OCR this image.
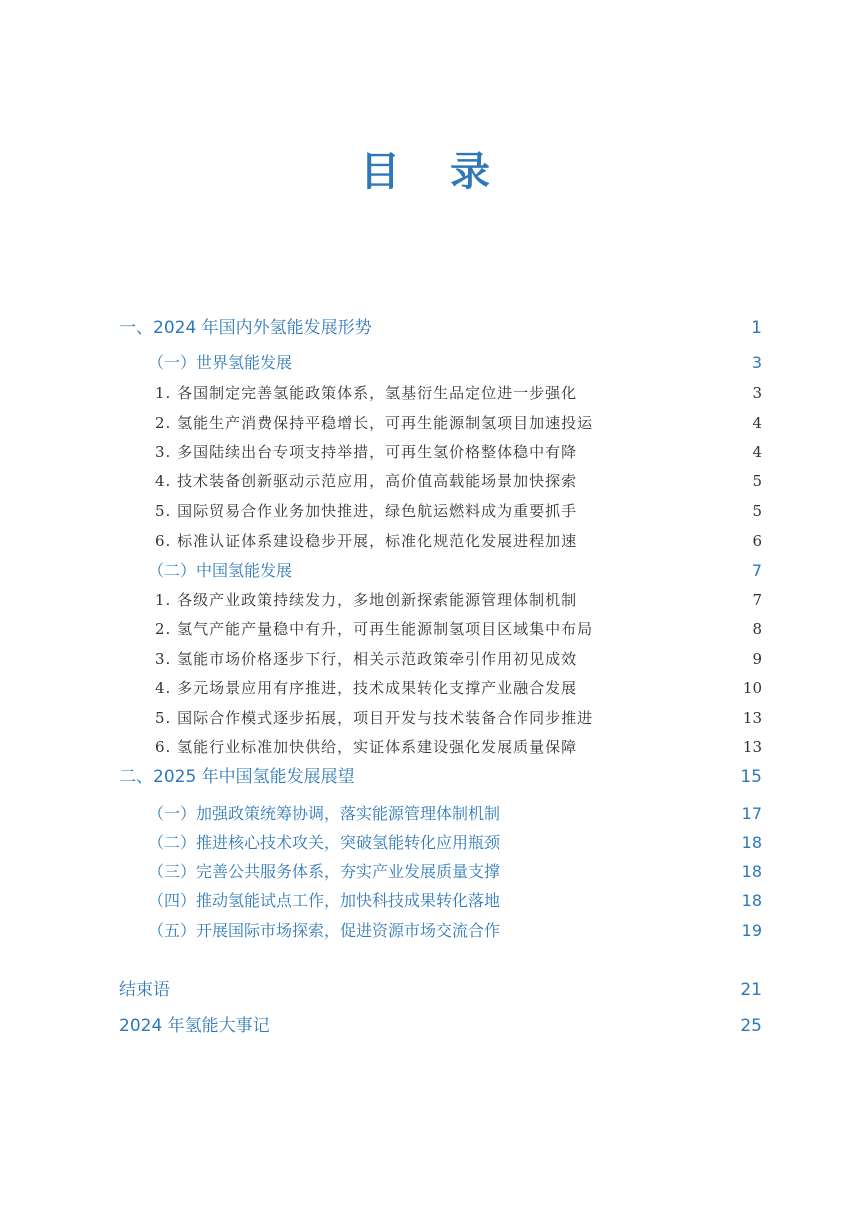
目 录
一、2024 年国内外氢能发展形势	1
（一）世界氢能发展	3
1. 各国制定完善氢能政策体系，氢基衍生品定位进一步强化	3
2. 氢能生产消费保持平稳增长，可再生能源制氢项目加速投运	4
3. 多国陆续出台专项支持举措，可再生氢价格整体稳中有降	4
4. 技术装备创新驱动示范应用，高价值高载能场景加快探索	5
5. 国际贸易合作业务加快推进，绿色航运燃料成为重要抓手	5
6. 标准认证体系建设稳步开展，标准化规范化发展进程加速	6
（二）中国氢能发展	7
1. 各级产业政策持续发力，多地创新探索能源管理体制机制	7
2. 氢气产能产量稳中有升，可再生能源制氢项目区域集中布局	8
3. 氢能市场价格逐步下行，相关示范政策牵引作用初见成效	9
4. 多元场景应用有序推进，技术成果转化支撑产业融合发展	10
5. 国际合作模式逐步拓展，项目开发与技术装备合作同步推进	13
6. 氢能行业标准加快供给，实证体系建设强化发展质量保障	13
二、2025 年中国氢能发展展望	15
（一）加强政策统筹协调，落实能源管理体制机制	17
（二）推进核心技术攻关，突破氢能转化应用瓶颈	18
（三）完善公共服务体系，夯实产业发展质量支撑	18
（四）推动氢能试点工作，加快科技成果转化落地	18
（五）开展国际市场探索，促进资源市场交流合作	19
结束语	21
2024 年氢能大事记	25
